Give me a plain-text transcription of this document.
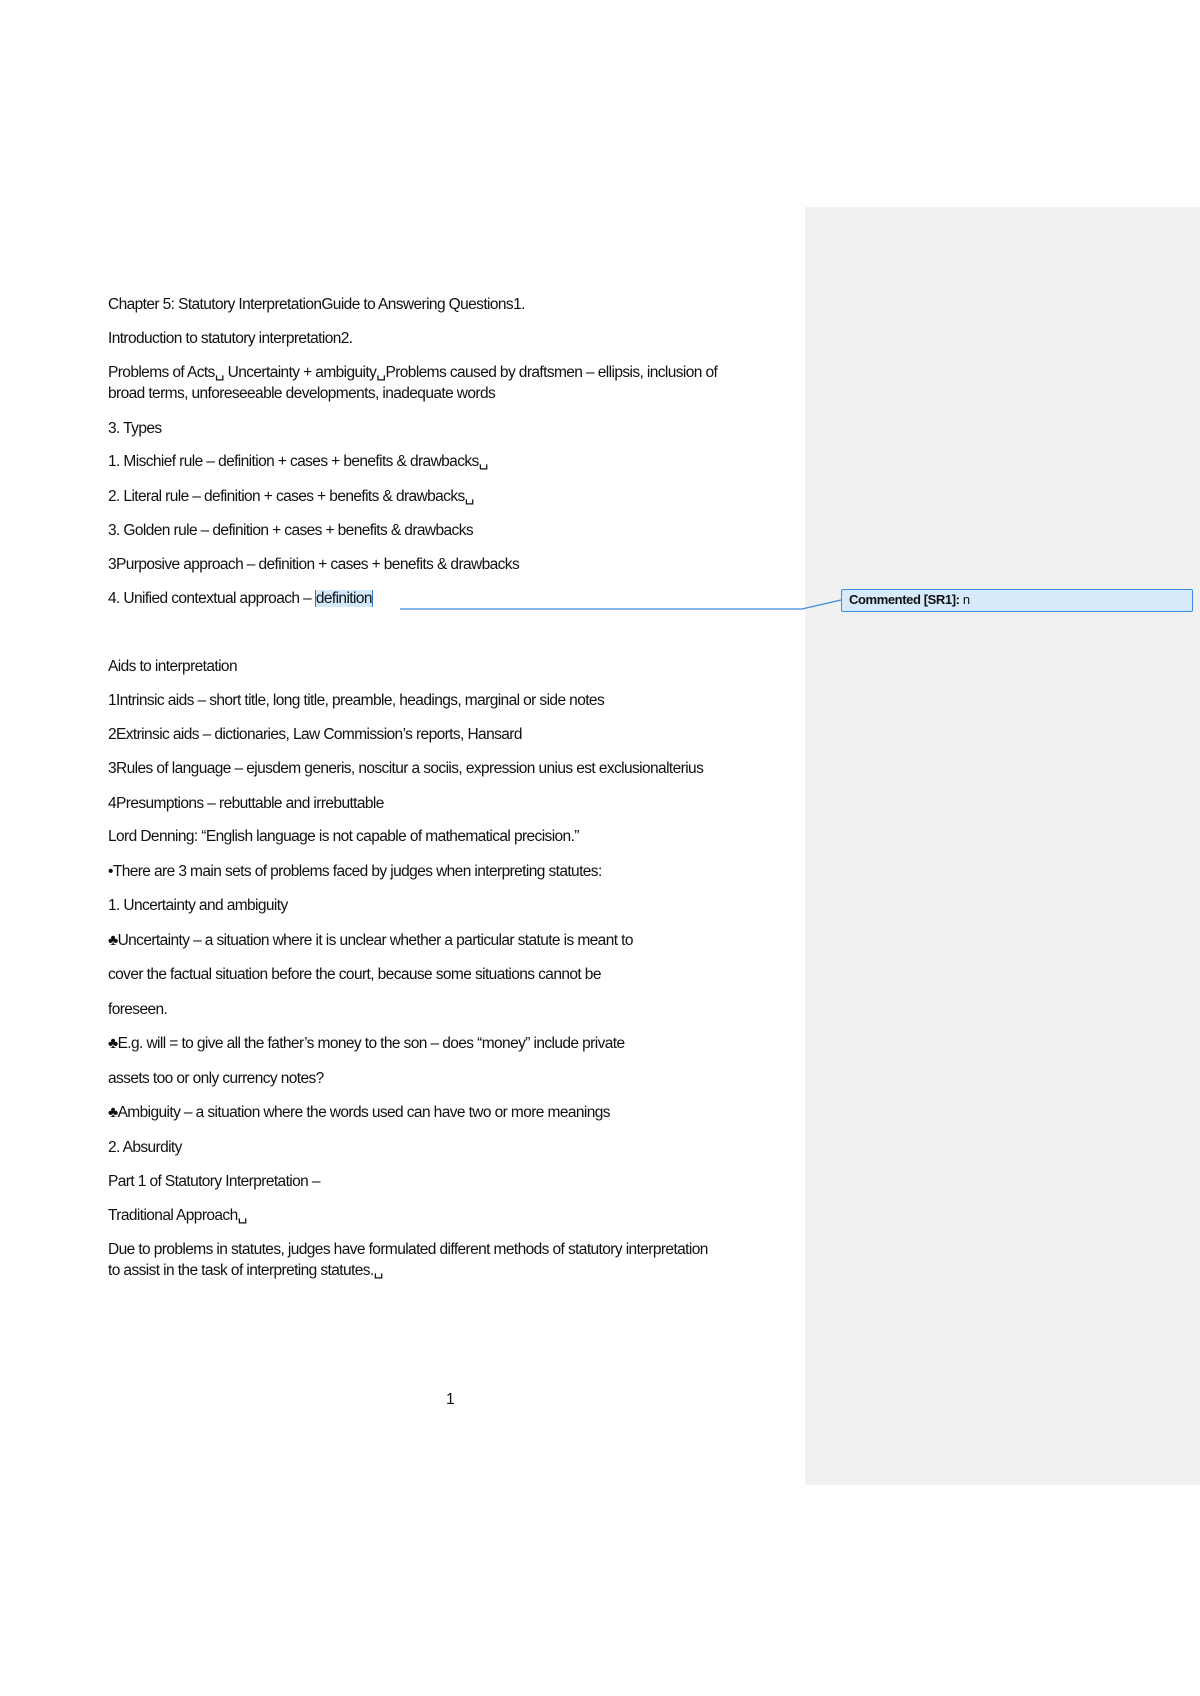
Chapter 5: Statutory InterpretationGuide to Answering Questions1.
Introduction to statutory interpretation2.
Problems of Acts␣ Uncertainty + ambiguity␣Problems caused by draftsmen – ellipsis, inclusion of
broad terms, unforeseeable developments, inadequate words
3. Types
1. Mischief rule – definition + cases + benefits & drawbacks␣
2. Literal rule – definition + cases + benefits & drawbacks␣
3. Golden rule – definition + cases + benefits & drawbacks
3Purposive approach – definition + cases + benefits & drawbacks
4. Unified contextual approach – definition
Aids to interpretation
1Intrinsic aids – short title, long title, preamble, headings, marginal or side notes
2Extrinsic aids – dictionaries, Law Commission’s reports, Hansard
3Rules of language – ejusdem generis, noscitur a sociis, expression unius est exclusionalterius
4Presumptions – rebuttable and irrebuttable
Lord Denning: “English language is not capable of mathematical precision.”
•There are 3 main sets of problems faced by judges when interpreting statutes:
1. Uncertainty and ambiguity
♣Uncertainty – a situation where it is unclear whether a particular statute is meant to
cover the factual situation before the court, because some situations cannot be
foreseen.
♣E.g. will = to give all the father’s money to the son – does “money” include private
assets too or only currency notes?
♣Ambiguity – a situation where the words used can have two or more meanings
2. Absurdity
Part 1 of Statutory Interpretation –
Traditional Approach␣
Due to problems in statutes, judges have formulated different methods of statutory interpretation
to assist in the task of interpreting statutes.␣
Commented [SR1]: n
1
